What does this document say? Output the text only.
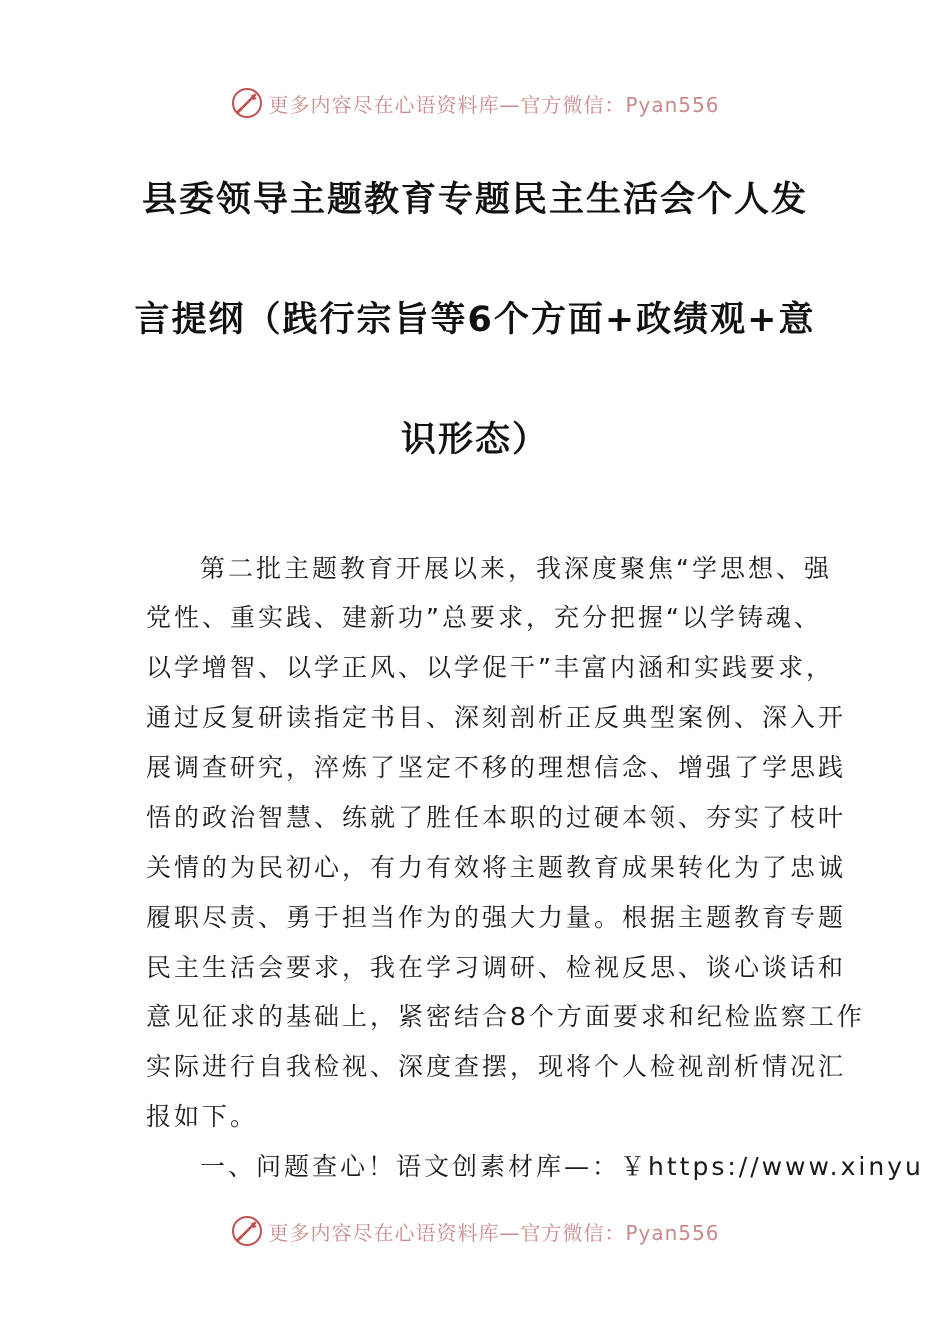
更多内容尽在心语资料库—官方微信：Pyan556
县委领导主题教育专题民主生活会个人发
言提纲（践行宗旨等6个方面+政绩观+意
识形态）
第二批主题教育开展以来，我深度聚焦“学思想、强
党性、重实践、建新功”总要求，充分把握“以学铸魂、
以学增智、以学正风、以学促干”丰富内涵和实践要求，
通过反复研读指定书目、深刻剖析正反典型案例、深入开
展调查研究，淬炼了坚定不移的理想信念、增强了学思践
悟的政治智慧、练就了胜任本职的过硬本领、夯实了枝叶
关情的为民初心，有力有效将主题教育成果转化为了忠诚
履职尽责、勇于担当作为的强大力量。根据主题教育专题
民主生活会要求，我在学习调研、检视反思、谈心谈话和
意见征求的基础上，紧密结合8个方面要求和纪检监察工作
实际进行自我检视、深度查摆，现将个人检视剖析情况汇
报如下。
一、问题查心！语文创素材库—：￥https://www.xinyu
更多内容尽在心语资料库—官方微信：Pyan556
